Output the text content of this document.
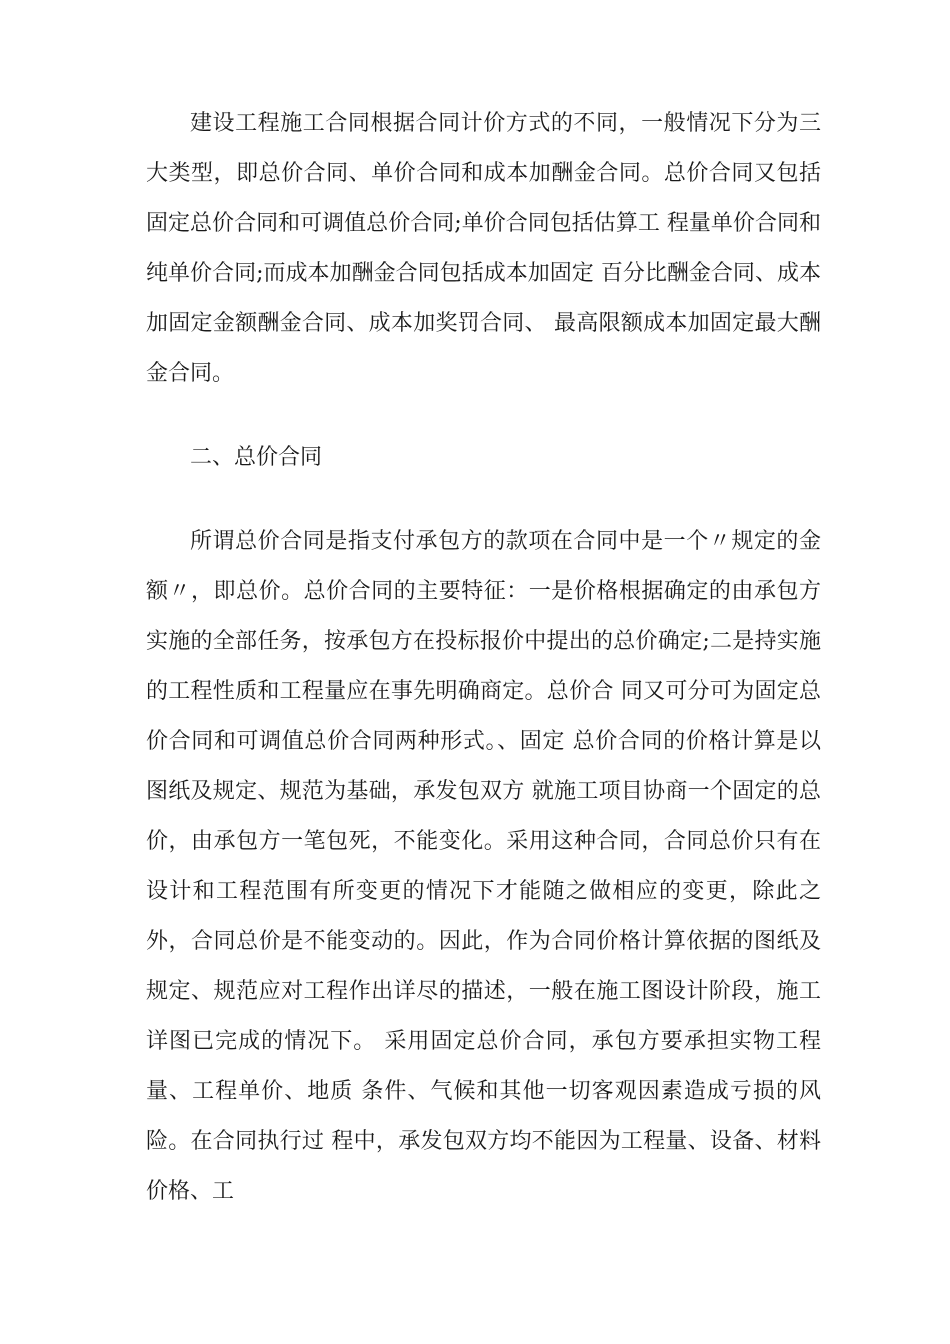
建设工程施工合同根据合同计价方式的不同，一般情况下分为三大类型，即总价合同、单价合同和成本加酬金合同。总价合同又包括固定总价合同和可调值总价合同;单价合同包括估算工 程量单价合同和纯单价合同;而成本加酬金合同包括成本加固定 百分比酬金合同、成本加固定金额酬金合同、成本加奖罚合同、 最高限额成本加固定最大酬金合同。

二、总价合同

所谓总价合同是指支付承包方的款项在合同中是一个〃规定的金额〃，即总价。总价合同的主要特征：一是价格根据确定的由承包方实施的全部任务，按承包方在投标报价中提出的总价确定;二是持实施的工程性质和工程量应在事先明确商定。总价合 同又可分可为固定总价合同和可调值总价合同两种形式。、固定 总价合同的价格计算是以图纸及规定、规范为基础，承发包双方 就施工项目协商一个固定的总价，由承包方一笔包死，不能变化。采用这种合同，合同总价只有在设计和工程范围有所变更的情况下才能随之做相应的变更，除此之外，合同总价是不能变动的。因此，作为合同价格计算依据的图纸及规定、规范应对工程作出详尽的描述，一般在施工图设计阶段，施工详图已完成的情况下。 采用固定总价合同，承包方要承担实物工程量、工程单价、地质 条件、气候和其他一切客观因素造成亏损的风险。在合同执行过 程中，承发包双方均不能因为工程量、设备、材料价格、工
